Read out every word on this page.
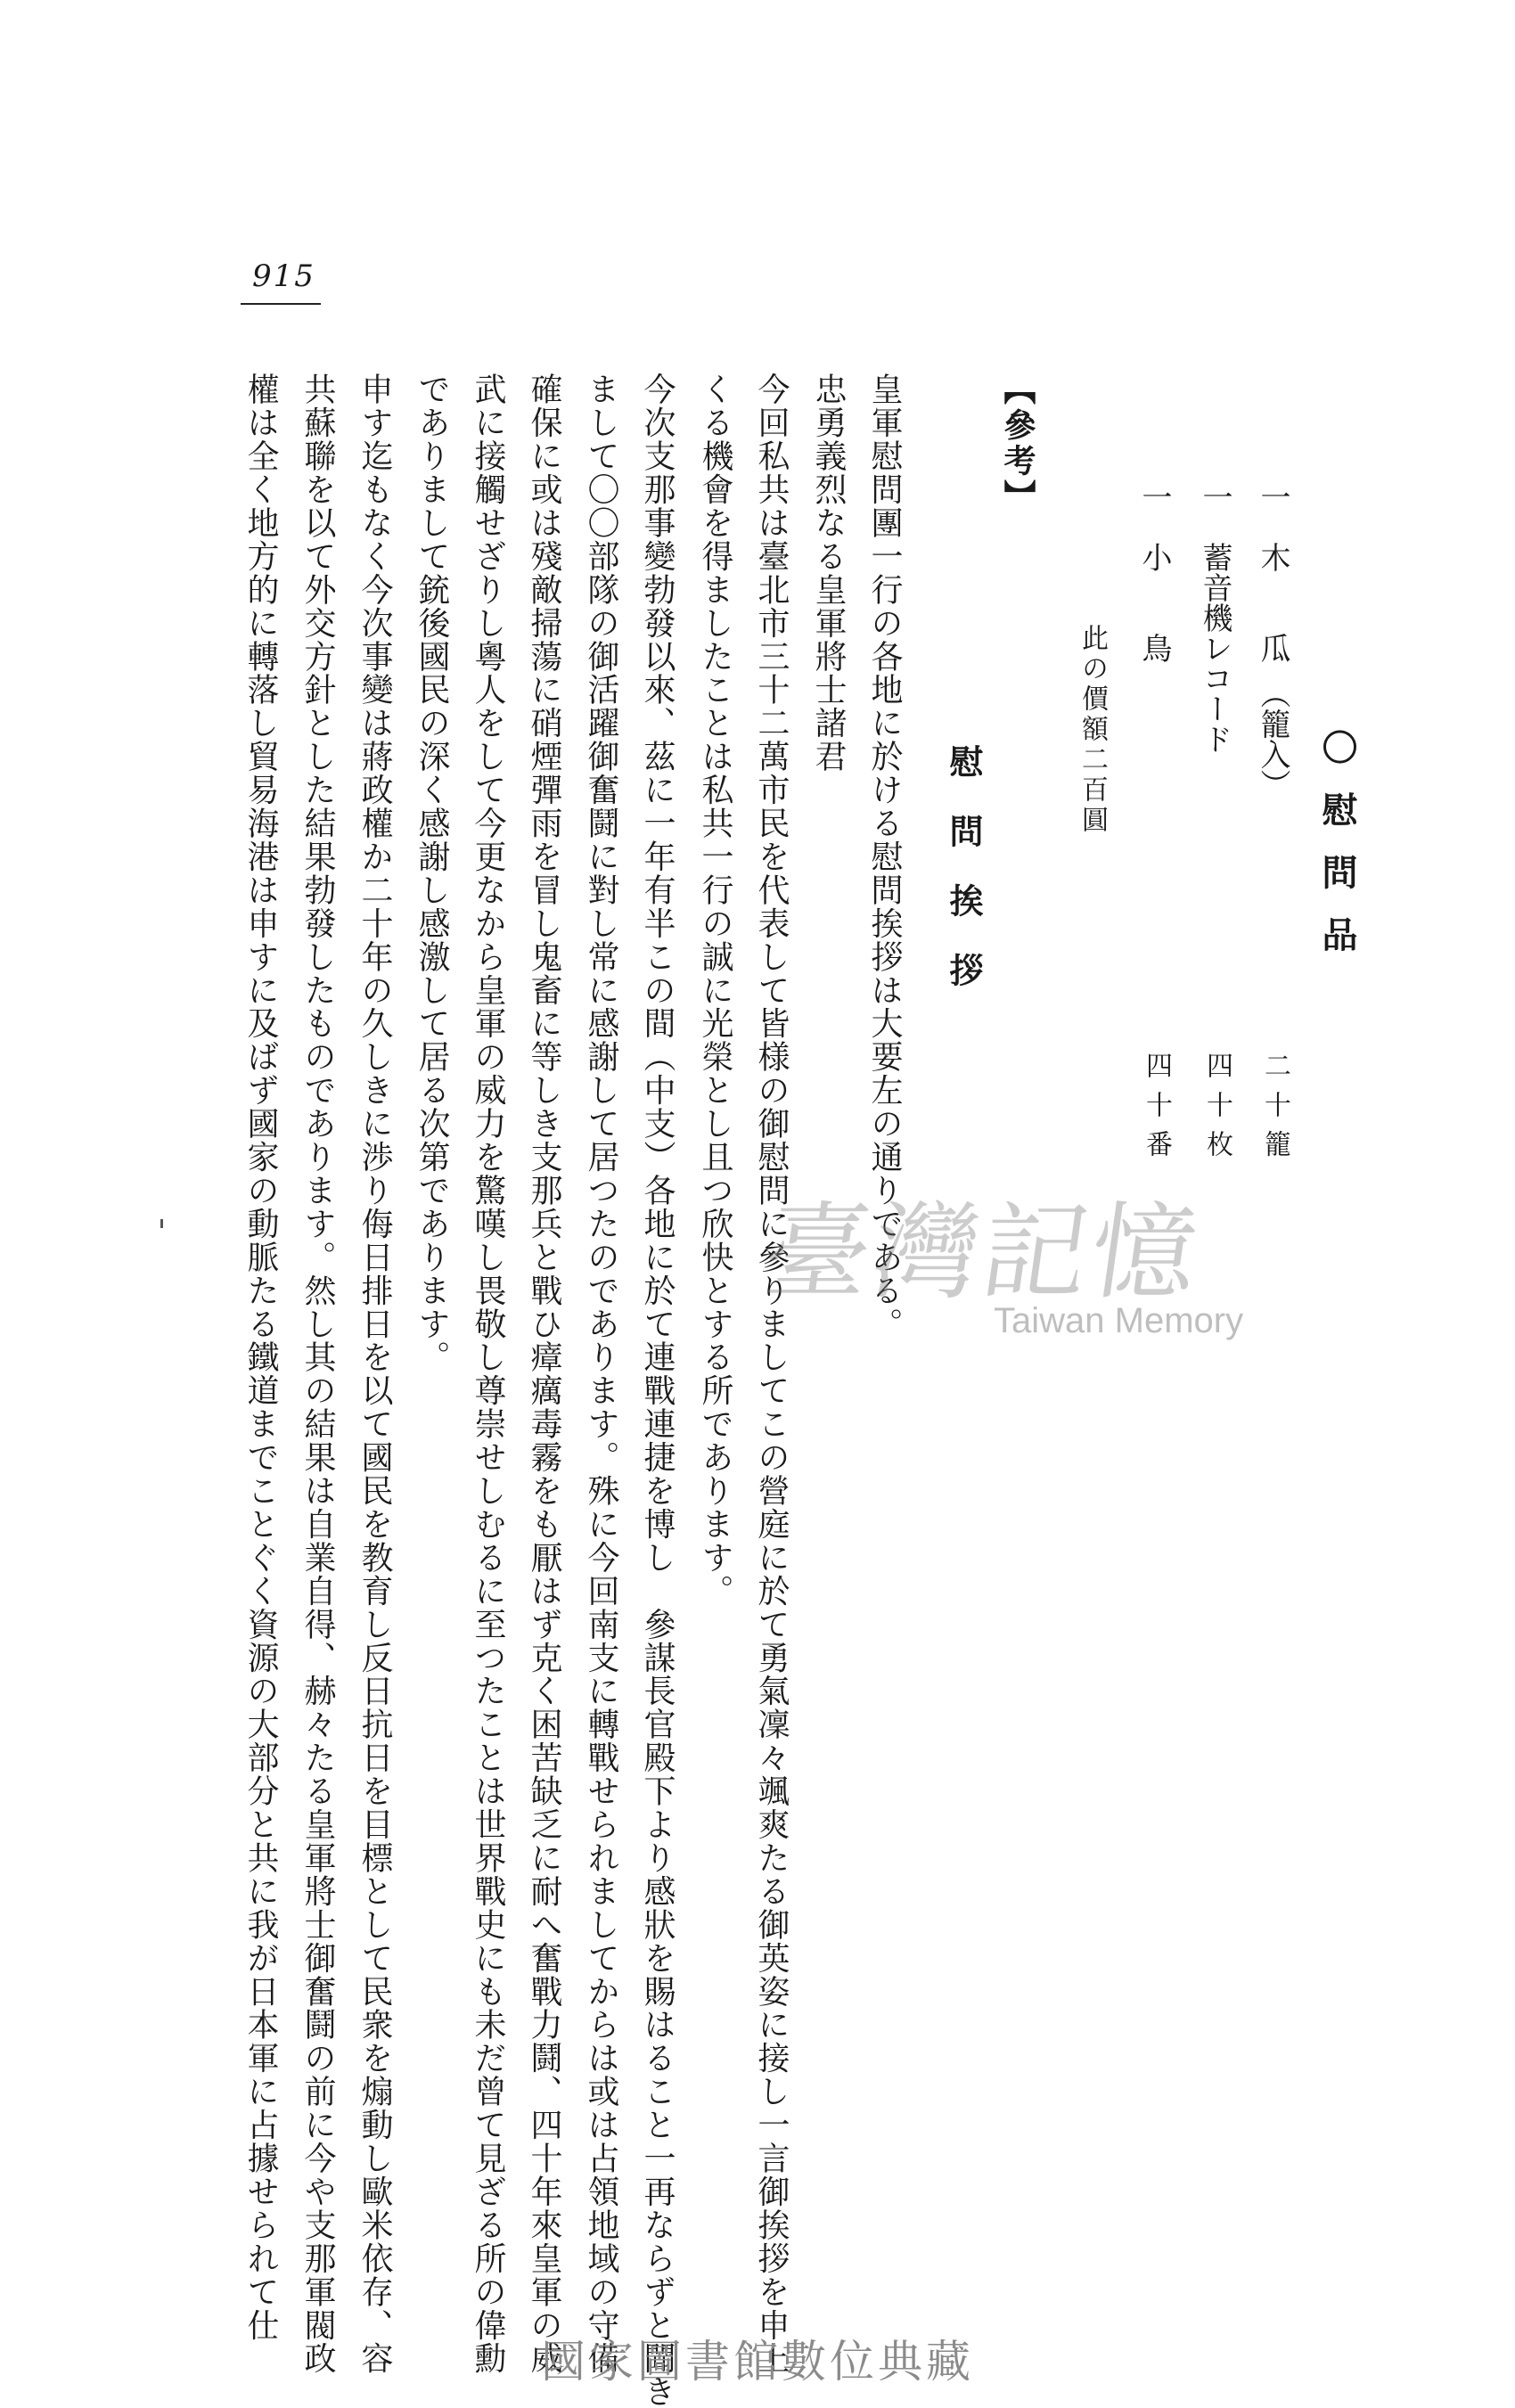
915
〇慰問品
一　木　　瓜　（籠入）
二十籠
一　蓄音機レコード
四十枚
一　小　　鳥
四十番
此の價額二百圓
【參考】
慰問挨拶
皇軍慰問團一行の各地に於ける慰問挨拶は大要左の通りである。
忠勇義烈なる皇軍將士諸君
今回私共は臺北市三十二萬市民を代表して皆様の御慰問に參りましてこの營庭に於て勇氣凜々颯爽たる御英姿に接し一言御挨拶を申上
くる機會を得ましたことは私共一行の誠に光榮とし且つ欣快とする所であります。
今次支那事變勃發以來、茲に一年有半この間（中支）各地に於て連戰連捷を博し　參謀長官殿下より感狀を賜はること一再ならずと聞き
まして〇〇部隊の御活躍御奮鬪に對し常に感謝して居つたのであります。殊に今回南支に轉戰せられましてからは或は占領地域の守備
確保に或は殘敵掃蕩に硝煙彈雨を冒し鬼畜に等しき支那兵と戰ひ瘴癘毒霧をも厭はず克く困苦缺乏に耐へ奮戰力鬪、四十年來皇軍の威
武に接觸せざりし粵人をして今更なから皇軍の威力を驚嘆し畏敬し尊崇せしむるに至つたことは世界戰史にも未だ曾て見ざる所の偉勳
でありまして銃後國民の深く感謝し感激して居る次第であります。
申す迄もなく今次事變は蔣政權か二十年の久しきに渉り侮日排日を以て國民を教育し反日抗日を目標として民衆を煽動し歐米依存、容
共蘇聯を以て外交方針とした結果勃發したものであります。然し其の結果は自業自得、赫々たる皇軍將士御奮鬪の前に今や支那軍閥政
權は全く地方的に轉落し貿易海港は申すに及ばず國家の動脈たる鐵道までことぐく資源の大部分と共に我が日本軍に占據せられて仕	臺灣記憶
Taiwan Memory
國家圖書館數位典藏
